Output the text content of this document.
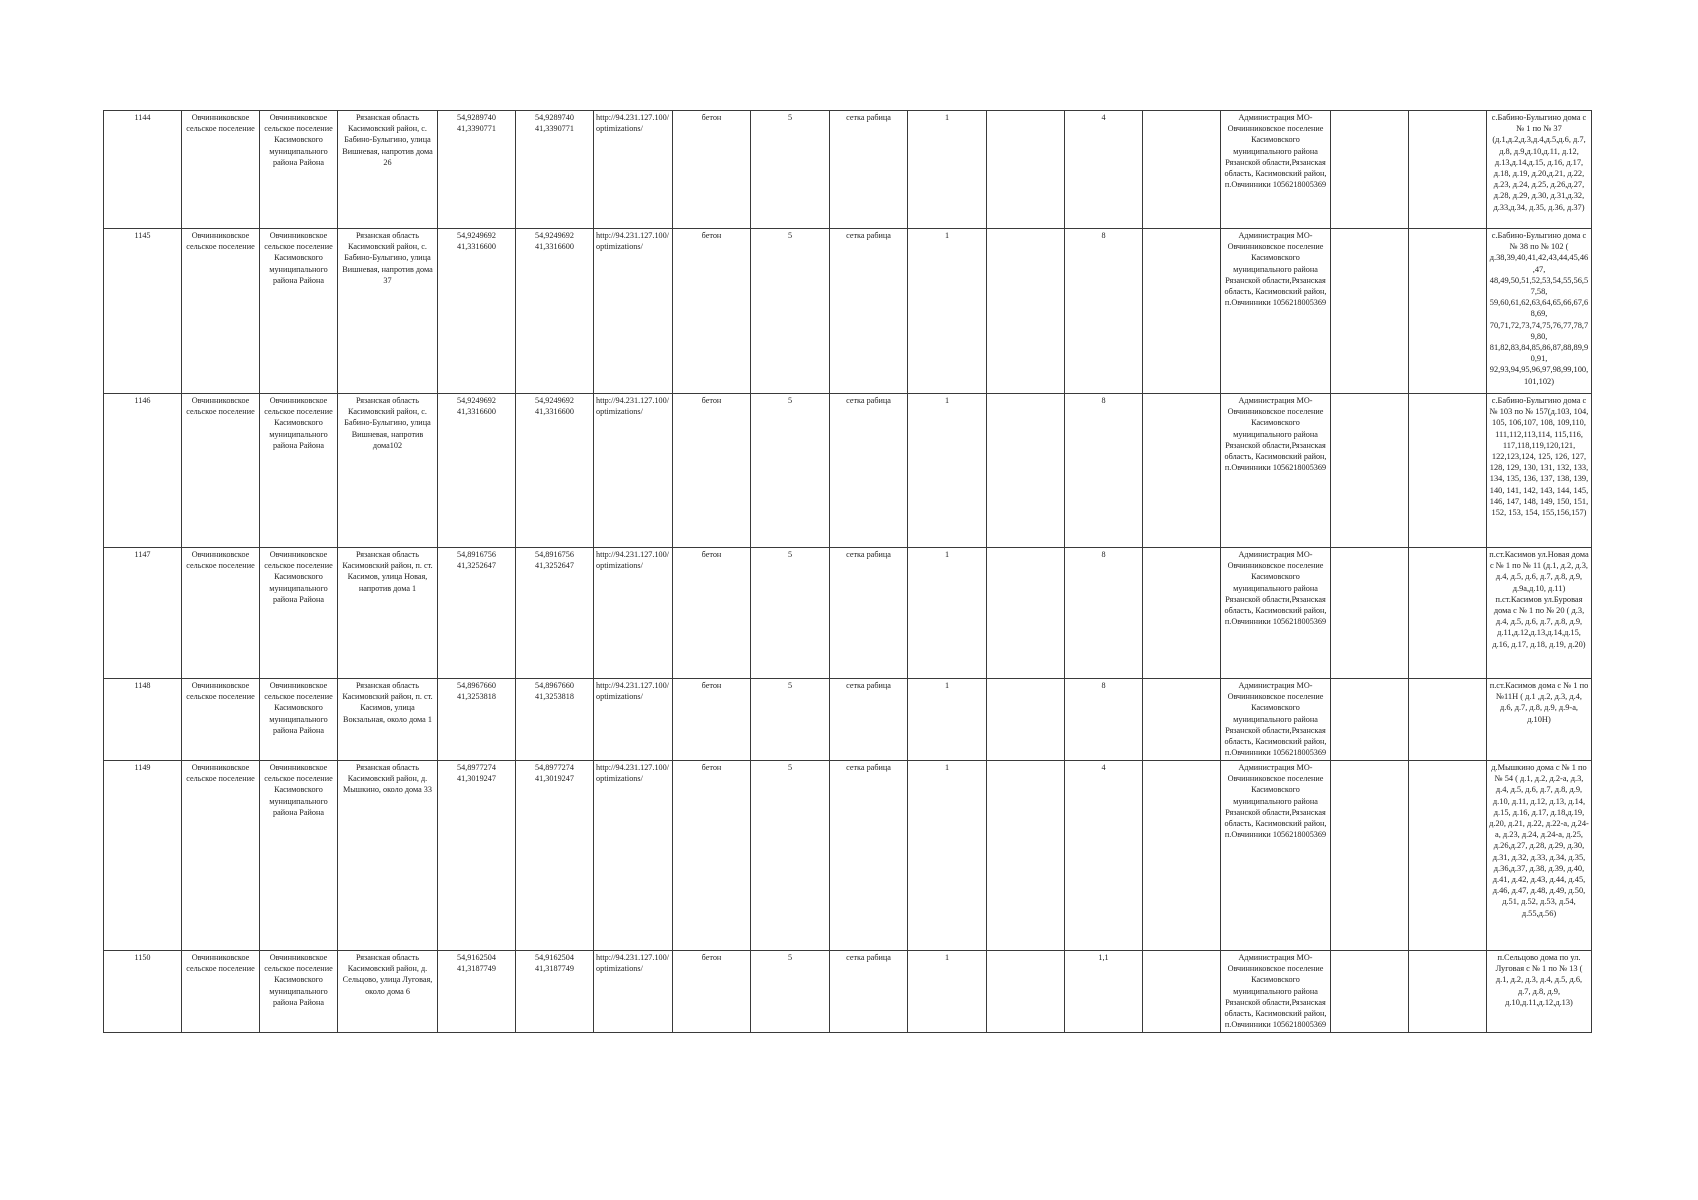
1144	Овчинниковское сельское поселение	Овчинниковское сельское поселение Касимовского муниципального района Района	Рязанская область Касимовский район, с. Бабино-Булыгино, улица Вишневая, напротив дома 26	54,9289740 41,3390771	54,9289740 41,3390771	http://94.231.127.100/optimizations/	бетон	5	сетка рабица	1		4		Администрация МО-Овчинниковское поселение Касимовского муниципального района Рязанской области,Рязанская область, Касимовский район, п.Овчинники 1056218005369			с.Бабино-Булыгино дома с № 1 по № 37 (д.1,д.2,д.3,д.4,д.5,д.6, д.7, д.8, д.9,д.10,д.11, д.12, д.13,д.14,д.15, д.16, д.17, д.18, д.19, д.20,д.21, д.22, д.23, д.24, д.25, д.26,д.27, д.28, д.29, д.30, д.31,д.32, д.33,д.34, д.35, д.36, д.37)
1145	Овчинниковское сельское поселение	Овчинниковское сельское поселение Касимовского муниципального района Района	Рязанская область Касимовский район, с. Бабино-Булыгино, улица Вишневая, напротив дома 37	54,9249692 41,3316600	54,9249692 41,3316600	http://94.231.127.100/optimizations/	бетон	5	сетка рабица	1		8		Администрация МО-Овчинниковское поселение Касимовского муниципального района Рязанской области,Рязанская область, Касимовский район, п.Овчинники 1056218005369			с.Бабино-Булыгино дома с № 38 по № 102 ( д.38,39,40,41,42,43,44,45,46,47, 48,49,50,51,52,53,54,55,56,57,58, 59,60,61,62,63,64,65,66,67,68,69, 70,71,72,73,74,75,76,77,78,79,80, 81,82,83,84,85,86,87,88,89,90,91, 92,93,94,95,96,97,98,99,100, 101,102)
1146	Овчинниковское сельское поселение	Овчинниковское сельское поселение Касимовского муниципального района Района	Рязанская область Касимовский район, с. Бабино-Булыгино, улица Вишневая, напротив дома102	54,9249692 41,3316600	54,9249692 41,3316600	http://94.231.127.100/optimizations/	бетон	5	сетка рабица	1		8		Администрация МО-Овчинниковское поселение Касимовского муниципального района Рязанской области,Рязанская область, Касимовский район, п.Овчинники 1056218005369			с.Бабино-Булыгино дома с № 103 по № 157(д.103, 104, 105, 106,107, 108, 109,110, 111,112,113,114, 115,116, 117,118,119,120,121, 122,123,124, 125, 126, 127, 128, 129, 130, 131, 132, 133, 134, 135, 136, 137, 138, 139, 140, 141, 142, 143, 144, 145, 146, 147, 148, 149, 150, 151, 152, 153, 154, 155,156,157)
1147	Овчинниковское сельское поселение	Овчинниковское сельское поселение Касимовского муниципального района Района	Рязанская область Касимовский район, п. ст. Касимов, улица Новая, напротив дома 1	54,8916756 41,3252647	54,8916756 41,3252647	http://94.231.127.100/optimizations/	бетон	5	сетка рабица	1		8		Администрация МО-Овчинниковское поселение Касимовского муниципального района Рязанской области,Рязанская область, Касимовский район, п.Овчинники 1056218005369			п.ст.Касимов ул.Новая дома с № 1 по № 11 (д.1, д.2, д.3, д.4, д.5, д.6, д.7, д.8, д.9, д.9а,д.10, д.11) п.ст.Касимов ул.Буровая дома с № 1 по № 20 ( д.3, д.4, д.5, д.6, д.7, д.8, д.9, д.11,д.12,д.13,д.14,д.15, д.16, д.17, д.18, д.19, д.20)
1148	Овчинниковское сельское поселение	Овчинниковское сельское поселение Касимовского муниципального района Района	Рязанская область Касимовский район, п. ст. Касимов, улица Вокзальная, около дома 1	54,8967660 41,3253818	54,8967660 41,3253818	http://94.231.127.100/optimizations/	бетон	5	сетка рабица	1		8		Администрация МО-Овчинниковское поселение Касимовского муниципального района Рязанской области,Рязанская область, Касимовский район, п.Овчинники 1056218005369			п.ст.Касимов дома с № 1 по №11Н ( д.1 ,д.2, д.3, д.4, д.6, д.7, д.8, д.9, д.9-а, д.10Н)
1149	Овчинниковское сельское поселение	Овчинниковское сельское поселение Касимовского муниципального района Района	Рязанская область Касимовский район, д. Мышкино, около дома 33	54,8977274 41,3019247	54,8977274 41,3019247	http://94.231.127.100/optimizations/	бетон	5	сетка рабица	1		4		Администрация МО-Овчинниковское поселение Касимовского муниципального района Рязанской области,Рязанская область, Касимовский район, п.Овчинники 1056218005369			д.Мышкино дома с № 1 по № 54 ( д.1, д.2, д.2-а, д.3, д.4, д.5, д.6, д.7, д.8, д.9, д.10, д.11, д.12, д.13, д.14, д.15, д.16, д.17, д.18,д.19, д.20, д.21, д.22, д.22-а, д.24-а, д.23, д.24, д.24-а, д.25, д.26,д.27, д.28, д.29, д.30, д.31, д.32, д.33, д.34, д.35, д.36,д.37, д.38, д.39, д.40, д.41, д.42, д.43, д.44, д.45, д.46, д.47, д.48, д.49, д.50, д.51, д.52, д.53, д.54, д.55,д.56)
1150	Овчинниковское сельское поселение	Овчинниковское сельское поселение Касимовского муниципального района Района	Рязанская область Касимовский район, д. Сельцово, улица Луговая, около дома 6	54,9162504 41,3187749	54,9162504 41,3187749	http://94.231.127.100/optimizations/	бетон	5	сетка рабица	1		1,1		Администрация МО-Овчинниковское поселение Касимовского муниципального района Рязанской области,Рязанская область, Касимовский район, п.Овчинники 1056218005369			п.Сельцово дома по ул. Луговая с № 1 по № 13 ( д.1, д.2, д.3, д.4, д.5, д.6, д.7, д.8, д.9, д.10,д.11,д.12,д.13)
